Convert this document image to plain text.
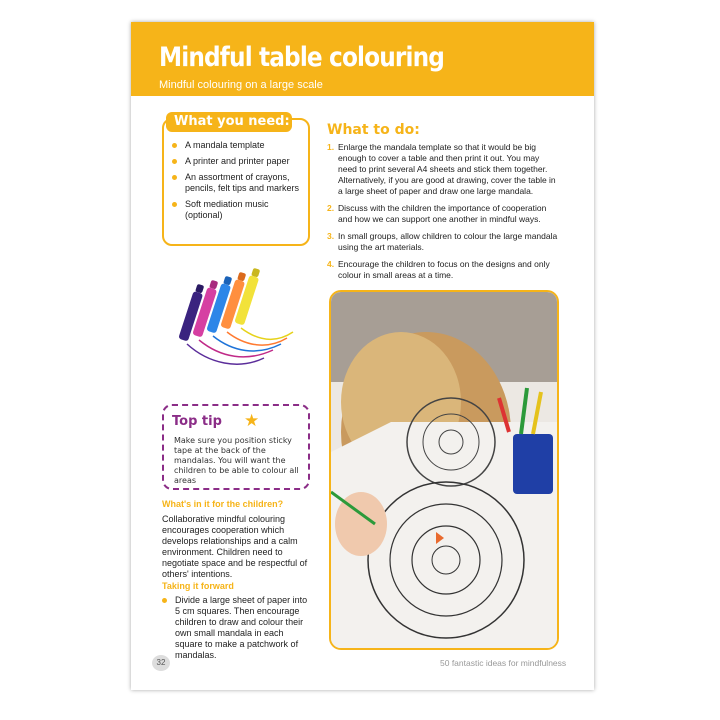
Mindful table colouring
Mindful colouring on a large scale
What you need:
A mandala template
A printer and printer paper
An assortment of crayons, pencils, felt tips and markers
Soft mediation music (optional)
What to do:
1. Enlarge the mandala template so that it would be big enough to cover a table and then print it out. You may need to print several A4 sheets and stick them together. Alternatively, if you are good at drawing, cover the table in a large sheet of paper and draw one large mandala.
2. Discuss with the children the importance of cooperation and how we can support one another in mindful ways.
3. In small groups, allow children to colour the large mandala using the art materials.
4. Encourage the children to focus on the designs and only colour in small areas at a time.
Top tip ★
Make sure you position sticky tape at the back of the mandalas. You will want the children to be able to colour all areas
What's in it for the children?
Collaborative mindful colouring encourages cooperation which develops relationships and a calm environment. Children need to negotiate space and be respectful of others' intentions.
Taking it forward
Divide a large sheet of paper into 5 cm squares. Then encourage children to draw and colour their own small mandala in each square to make a patchwork of mandalas.
32	50 fantastic ideas for mindfulness
